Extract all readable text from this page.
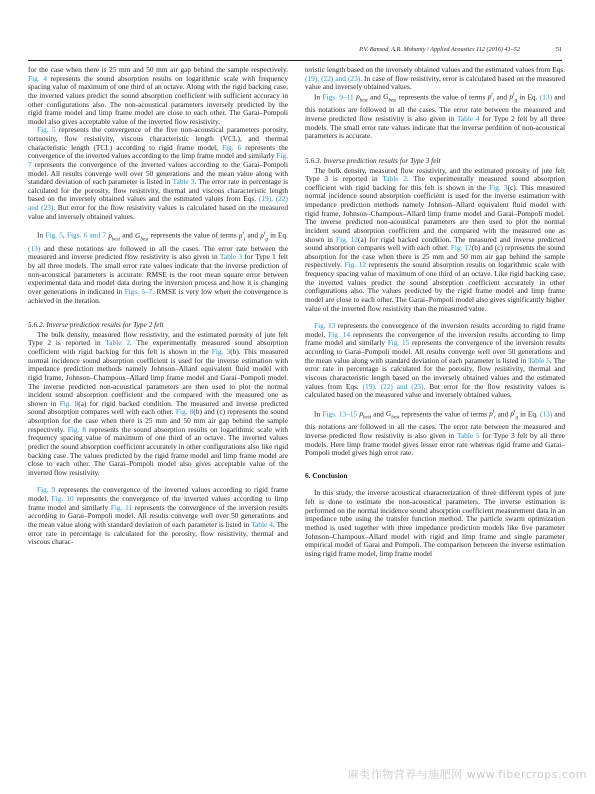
P.V. Bansod, A.R. Mohanty / Applied Acoustics 112 (2016) 41–52	51

for the case when there is 25 mm and 50 mm air gap behind the sample respectively. Fig. 4 represents the sound absorption results on logarithmic scale with frequency spacing value of maximum of one third of an octave. Along with the rigid backing case, the inverted values predict the sound absorption coefficient with sufficient accuracy in other configurations also. The non-acoustical parameters inversely predicted by the rigid frame model and limp frame model are close to each other. The Garai–Pompoli model also gives acceptable value of the inverted flow resistivity.

Fig. 5 represents the convergence of the five non-acoustical parameters porosity, tortuosity, flow resistivity, viscous characteristic length (VCL), and thermal characteristic length (TCL) according to rigid frame model, Fig. 6 represents the convergence of the inverted values according to the limp frame model and similarly Fig. 7 represents the convergence of the inverted values according to the Garai–Pompoli model. All results converge well over 50 generations and the mean value along with standard deviation of each parameter is listed in Table 3. The error rate in percentage is calculated for the porosity, flow resistivity, thermal and viscous characteristic length based on the inversely obtained values and the estimated values from Eqs. (19), (22) and (23). But error for the flow resistivity values is calculated based on the measured value and inversely obtained values.

In Fig. 5, Figs. 6 and 7 $p_{best}$ and $G_{best}$ represents the value of terms $p^t_i$ and $p^t_g$ in Eq. (13) and these notations are followed in all the cases. The error rate between the measured and inverse predicted flow resistivity is also given in Table 3 for Type 1 felt by all three models. The small error rate values indicate that the inverse prediction of non-acoustical parameters is accurate. RMSE is the root mean square error between experimental data and model data during the inversion process and how it is changing over generations in indicated in Figs. 5–7. RMSE is very low when the convergence is achieved in the iteration.

5.6.2. Inverse prediction results for Type 2 felt

The bulk density, measured flow resistivity, and the estimated porosity of jute felt Type 2 is reported in Table 2. The experimentally measured sound absorption coefficient with rigid backing for this felt is shown in the Fig. 3(b). This measured normal incidence sound absorption coefficient is used for the inverse estimation with impedance prediction methods namely Johnson–Allard equivalent fluid model with rigid frame, Johnson–Champoux–Allard limp frame model and Garai–Pompoli model. The inverse predicted non-acoustical parameters are then used to plot the normal incident sound absorption coefficient and the compared with the measured one as shown in Fig. 8(a) for rigid backed condition. The measured and inverse predicted sound absorption compares well with each other. Fig. 8(b) and (c) represents the sound absorption for the case when there is 25 mm and 50 mm air gap behind the sample respectively. Fig. 8 represents the sound absorption results on logarithmic scale with frequency spacing value of maximum of one third of an octave. The inverted values predict the sound absorption coefficient accurately in other configurations also like rigid backing case. The values predicted by the rigid frame model and limp frame model are close to each other. The Garai–Pompoli model also gives acceptable value of the inverted flow resistivity.

Fig. 9 represents the convergence of the inverted values according to rigid frame model, Fig. 10 represents the convergence of the inverted values according to limp frame model and similarly Fig. 11 represents the convergence of the inversion results according to Garai–Pompoli model. All results converge well over 50 generations and the mean value along with standard deviation of each parameter is listed in Table 4. The error rate in percentage is calculated for the porosity, flow resistivity, thermal and viscous charac-

teristic length based on the inversely obtained values and the estimated values from Eqs. (19), (22) and (23). In case of flow resistivity, error is calculated based on the measured value and inversely obtained values.

In Figs. 9–11 $p_{best}$ and $G_{best}$ represents the value of terms $p^t_i$ and $p^t_g$ in Eq. (13) and this notations are followed in all the cases. The error rate between the measured and inverse predicted flow resistivity is also given in Table 4 for Type 2 felt by all three models. The small error rate values indicate that the inverse perdition of non-acoustical parameters is accurate.

5.6.3. Inverse prediction results for Type 3 felt

The bulk density, measured flow resistivity, and the estimated porosity of jute felt Type 3 is reported in Table 2. The experimentally measured sound absorption coefficient with rigid backing for this felt is shown in the Fig. 3(c). This measured normal incidence sound absorption coefficient is used for the inverse estimation with impedance prediction methods namely Johnson–Allard equivalent fluid model with rigid frame, Johnson–Champoux–Allard limp frame model and Garai–Pompoli model. The inverse predicted non-acoustical parameters are then used to plot the normal incident sound absorption coefficient and the compared with the measured one as shown in Fig. 12(a) for rigid backed condition. The measured and inverse predicted sound absorption compares well with each other. Fig. 12(b) and (c) represents the sound absorption for the case when there is 25 mm and 50 mm air gap behind the sample respectively. Fig. 12 represents the sound absorption results on logarithmic scale with frequency spacing value of maximum of one third of an octave. Like rigid backing case, the inverted values predict the sound absorption coefficient accurately in other configurations also. The values predicted by the rigid frame model and limp frame model are close to each other. The Garai–Pompoli model also gives significantly higher value of the inverted flow resistivity than the measured value.

Fig. 13 represents the convergence of the inversion results according to rigid frame model, Fig. 14 represents the convergence of the inversion results according to limp frame model and similarly Fig. 15 represents the convergence of the inversion results according to Garai–Pompoli model. All results converge well over 50 generations and the mean value along with standard deviation of each parameter is listed in Table 5. The error rate in percentage is calculated for the porosity, flow resistivity, thermal and viscous characteristic length based on the inversely obtained values and the estimated values from Eqs. (19), (22) and (23). But error for the flow resistivity values is calculated based on the measured value and inversely obtained values.

In Figs. 13–15 $p_{best}$ and $G_{best}$ represents the value of terms $p^t_i$ and $p^t_g$ in Eq. (13) and this notations are followed in all the cases. The error rate between the measured and inverse predicted flow resistivity is also given in Table 5 for Type 3 felt by all three models. Here limp frame model gives lesser error rate whereas rigid frame and Garai–Pompoli model gives high error rate.

6. Conclusion

In this study, the inverse acoustical characterization of three different types of jute felt is done to estimate the non-acoustical parameters. The inverse estimation is performed on the normal incidence sound absorption coefficient measurement data in an impedance tube using the transfer function method. The particle swarm optimization method is used together with three impedance prediction models like five parameter Johnson–Champoux–Allard model with rigid and limp frame and single parameter empirical model of Garai and Pompoli. The comparison between the inverse estimation using rigid frame model, limp frame model

麻类作物营养与施肥网 www.fibercrops.com
